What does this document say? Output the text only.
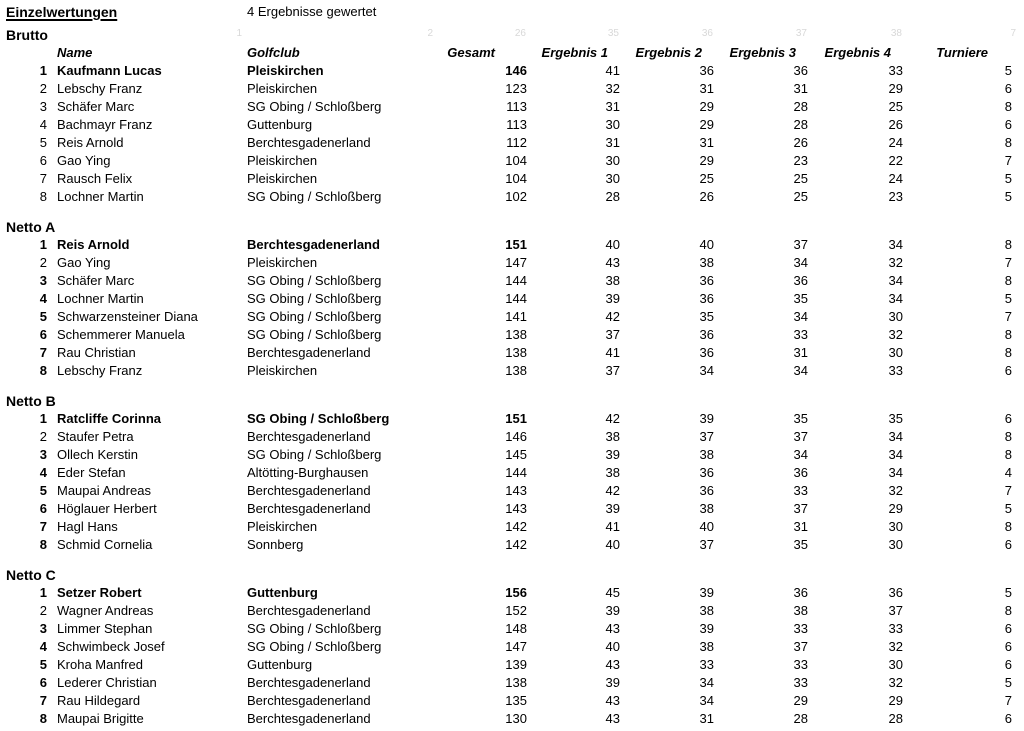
Einzelwertungen	4 Ergebnisse gewertet
1	2	26	35	36	37	38	7
Brutto
Name	Golfclub	Gesamt	Ergebnis 1	Ergebnis 2	Ergebnis 3	Ergebnis 4	Turniere
1 Kaufmann Lucas	Pleiskirchen	146	41	36	36	33	5
2 Lebschy Franz	Pleiskirchen	123	32	31	31	29	6
3 Schäfer Marc	SG Obing / Schloßberg	113	31	29	28	25	8
4 Bachmayr Franz	Guttenburg	113	30	29	28	26	6
5 Reis Arnold	Berchtesgadenerland	112	31	31	26	24	8
6 Gao Ying	Pleiskirchen	104	30	29	23	22	7
7 Rausch Felix	Pleiskirchen	104	30	25	25	24	5
8 Lochner Martin	SG Obing / Schloßberg	102	28	26	25	23	5
Netto A
1 Reis Arnold	Berchtesgadenerland	151	40	40	37	34	8
2 Gao Ying	Pleiskirchen	147	43	38	34	32	7
3 Schäfer Marc	SG Obing / Schloßberg	144	38	36	36	34	8
4 Lochner Martin	SG Obing / Schloßberg	144	39	36	35	34	5
5 Schwarzensteiner Diana	SG Obing / Schloßberg	141	42	35	34	30	7
6 Schemmerer Manuela	SG Obing / Schloßberg	138	37	36	33	32	8
7 Rau Christian	Berchtesgadenerland	138	41	36	31	30	8
8 Lebschy Franz	Pleiskirchen	138	37	34	34	33	6
Netto B
1 Ratcliffe Corinna	SG Obing / Schloßberg	151	42	39	35	35	6
2 Staufer Petra	Berchtesgadenerland	146	38	37	37	34	8
3 Ollech Kerstin	SG Obing / Schloßberg	145	39	38	34	34	8
4 Eder Stefan	Altötting-Burghausen	144	38	36	36	34	4
5 Maupai Andreas	Berchtesgadenerland	143	42	36	33	32	7
6 Höglauer Herbert	Berchtesgadenerland	143	39	38	37	29	5
7 Hagl Hans	Pleiskirchen	142	41	40	31	30	8
8 Schmid Cornelia	Sonnberg	142	40	37	35	30	6
Netto C
1 Setzer Robert	Guttenburg	156	45	39	36	36	5
2 Wagner Andreas	Berchtesgadenerland	152	39	38	38	37	8
3 Limmer Stephan	SG Obing / Schloßberg	148	43	39	33	33	6
4 Schwimbeck Josef	SG Obing / Schloßberg	147	40	38	37	32	6
5 Kroha Manfred	Guttenburg	139	43	33	33	30	6
6 Lederer Christian	Berchtesgadenerland	138	39	34	33	32	5
7 Rau Hildegard	Berchtesgadenerland	135	43	34	29	29	7
8 Maupai Brigitte	Berchtesgadenerland	130	43	31	28	28	6
